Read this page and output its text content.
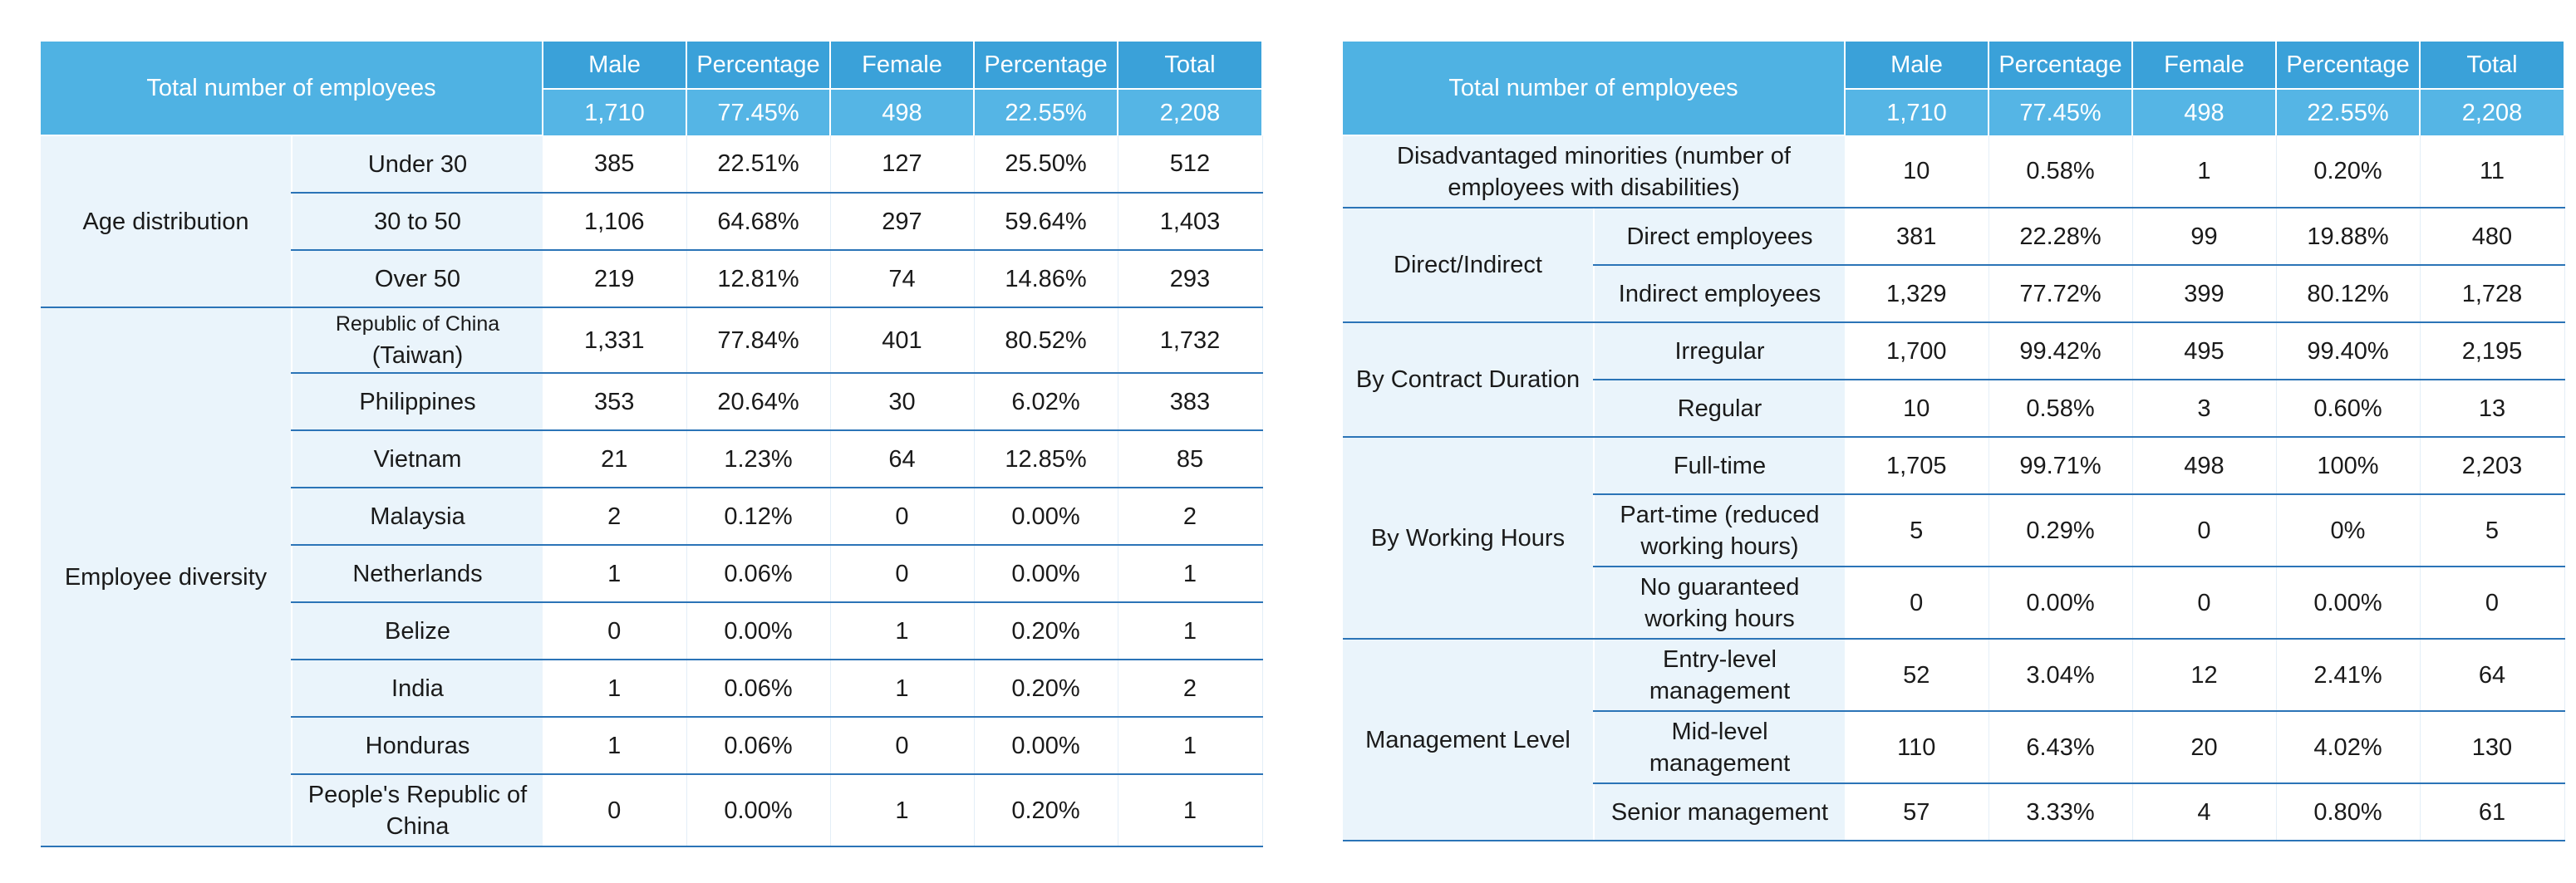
Total number of employees		Male	Percentage	Female	Percentage	Total
		1,710	77.45%	498	22.55%	2,208
Age distribution	Under 30	385	22.51%	127	25.50%	512
	30 to 50	1,106	64.68%	297	59.64%	1,403
	Over 50	219	12.81%	74	14.86%	293
Employee diversity	Republic of China (Taiwan)	1,331	77.84%	401	80.52%	1,732
	Philippines	353	20.64%	30	6.02%	383
	Vietnam	21	1.23%	64	12.85%	85
	Malaysia	2	0.12%	0	0.00%	2
	Netherlands	1	0.06%	0	0.00%	1
	Belize	0	0.00%	1	0.20%	1
	India	1	0.06%	1	0.20%	2
	Honduras	1	0.06%	0	0.00%	1
	People's Republic of China	0	0.00%	1	0.20%	1
Total number of employees		Male	Percentage	Female	Percentage	Total
		1,710	77.45%	498	22.55%	2,208
Disadvantaged minorities (number of employees with disabilities)		10	0.58%	1	0.20%	11
Direct/Indirect	Direct employees	381	22.28%	99	19.88%	480
	Indirect employees	1,329	77.72%	399	80.12%	1,728
By Contract Duration	Irregular	1,700	99.42%	495	99.40%	2,195
	Regular	10	0.58%	3	0.60%	13
By Working Hours	Full-time	1,705	99.71%	498	100%	2,203
	Part-time (reduced working hours)	5	0.29%	0	0%	5
	No guaranteed working hours	0	0.00%	0	0.00%	0
Management Level	Entry-level management	52	3.04%	12	2.41%	64
	Mid-level management	110	6.43%	20	4.02%	130
	Senior management	57	3.33%	4	0.80%	61
